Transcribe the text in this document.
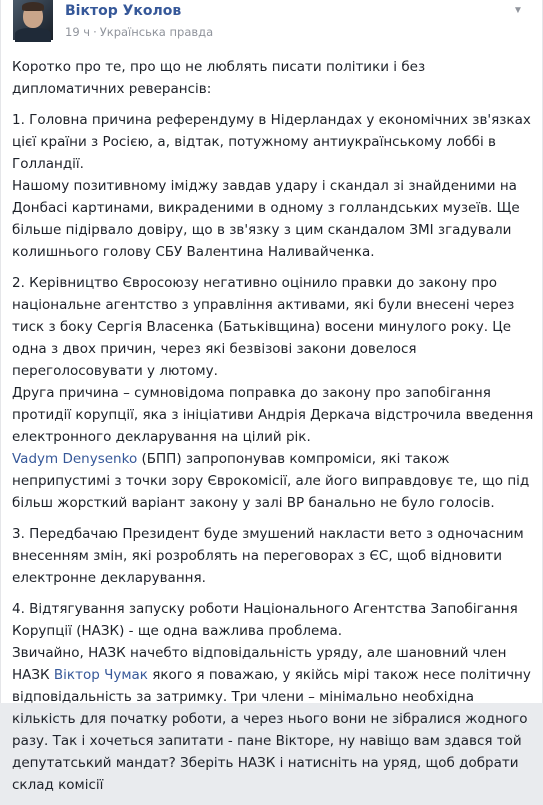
Віктор Уколов
19 ч · Українська правда
▼

Коротко про те, про що не люблять писати політики і без дипломатичних реверансів:

1. Головна причина референдуму в Нідерландах у економічних зв'язках цієї країни з Росією, а, відтак, потужному антиукраїнському лоббі в Голландії.
Нашому позитивному іміджу завдав удару і скандал зі знайденими на Донбасі картинами, викраденими в одному з голландських музеїв. Ще більше підірвало довіру, що в зв'язку з цим скандалом ЗМІ згадували колишнього голову СБУ Валентина Наливайченка.

2. Керівництво Євросоюзу негативно оцінило правки до закону про національне агентство з управління активами, які були внесені через тиск з боку Сергія Власенка (Батьківщина) восени минулого року. Це одна з двох причин, через які безвізові закони довелося переголосовувати у лютому.
Друга причина – сумновідома поправка до закону про запобігання протидії корупції, яка з ініціативи Андрія Деркача відстрочила введення електронного декларування на цілий рік.

Vadym Denysenko (БПП) запропонував компроміси, які також неприпустимі з точки зору Єврокомісії, але його виправдовує те, що під більш жорсткий варіант закону у залі ВР банально не було голосів.

3. Передбачаю Президент буде змушений накласти вето з одночасним внесенням змін, які розроблять на переговорах з ЄС, щоб відновити електронне декларування.

4. Відтягування запуску роботи Національного Агентства Запобігання Корупції (НАЗК) - ще одна важлива проблема.
Звичайно, НАЗК начебто відповідальність уряду, але шановний член НАЗК Віктор Чумак якого я поважаю, у якійсь мірі також несе політичну відповідальність за затримку. Три члени – мінімально необхідна кількість для початку роботи, а через нього вони не зібралися жодного разу. Так і хочеться запитати - пане Вікторе, ну навіщо вам здався той депутатський мандат? Зберіть НАЗК і натисніть на уряд, щоб добрати склад комісії
